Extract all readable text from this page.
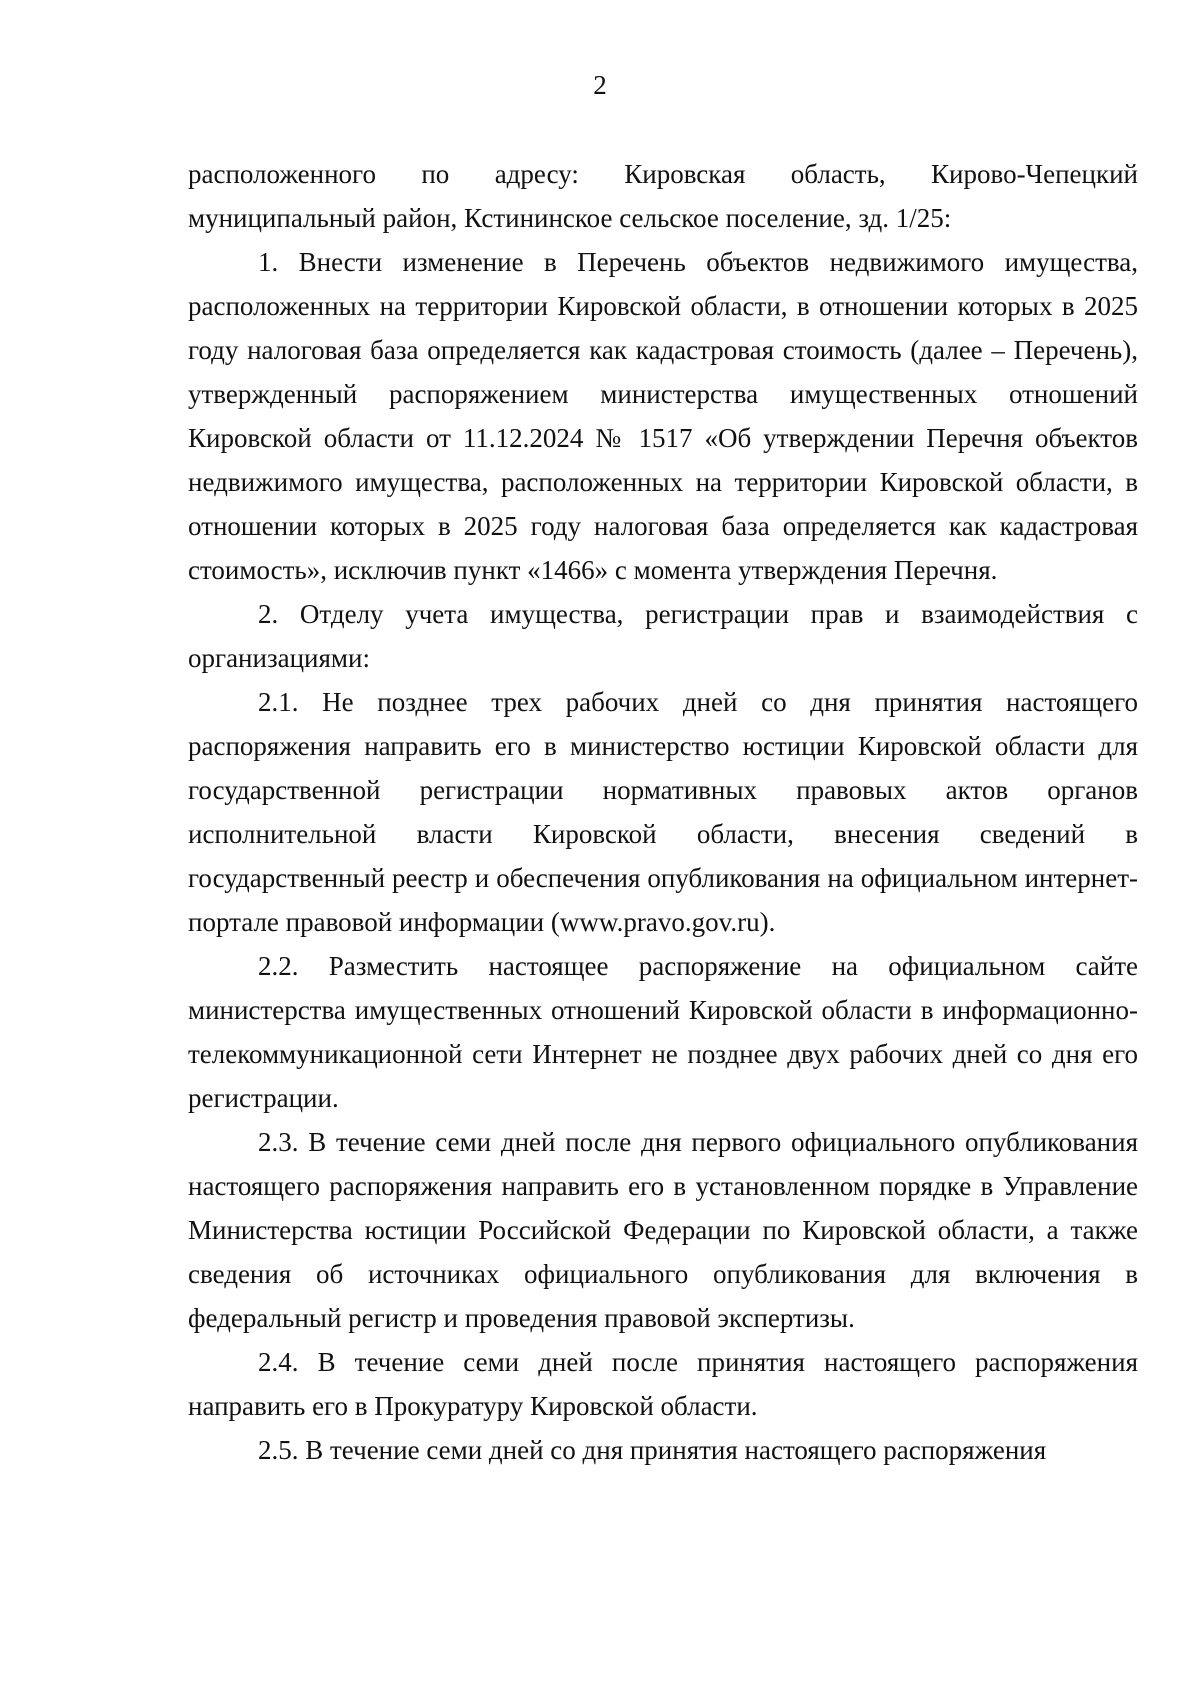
2

расположенного по адресу: Кировская область, Кирово-Чепецкий муниципальный район, Кстининское сельское поселение, зд. 1/25:

1. Внести изменение в Перечень объектов недвижимого имущества, расположенных на территории Кировской области, в отношении которых в 2025 году налоговая база определяется как кадастровая стоимость (далее – Перечень), утвержденный распоряжением министерства имущественных отношений Кировской области от 11.12.2024 № 1517 «Об утверждении Перечня объектов недвижимого имущества, расположенных на территории Кировской области, в отношении которых в 2025 году налоговая база определяется как кадастровая стоимость», исключив пункт «1466» с момента утверждения Перечня.

2. Отделу учета имущества, регистрации прав и взаимодействия с организациями:

2.1. Не позднее трех рабочих дней со дня принятия настоящего распоряжения направить его в министерство юстиции Кировской области для государственной регистрации нормативных правовых актов органов исполнительной власти Кировской области, внесения сведений в государственный реестр и обеспечения опубликования на официальном интернет-портале правовой информации (www.pravo.gov.ru).

2.2. Разместить настоящее распоряжение на официальном сайте министерства имущественных отношений Кировской области в информационно-телекоммуникационной сети Интернет не позднее двух рабочих дней со дня его регистрации.

2.3. В течение семи дней после дня первого официального опубликования настоящего распоряжения направить его в установленном порядке в Управление Министерства юстиции Российской Федерации по Кировской области, а также сведения об источниках официального опубликования для включения в федеральный регистр и проведения правовой экспертизы.

2.4. В течение семи дней после принятия настоящего распоряжения направить его в Прокуратуру Кировской области.

2.5. В течение семи дней со дня принятия настоящего распоряжения
